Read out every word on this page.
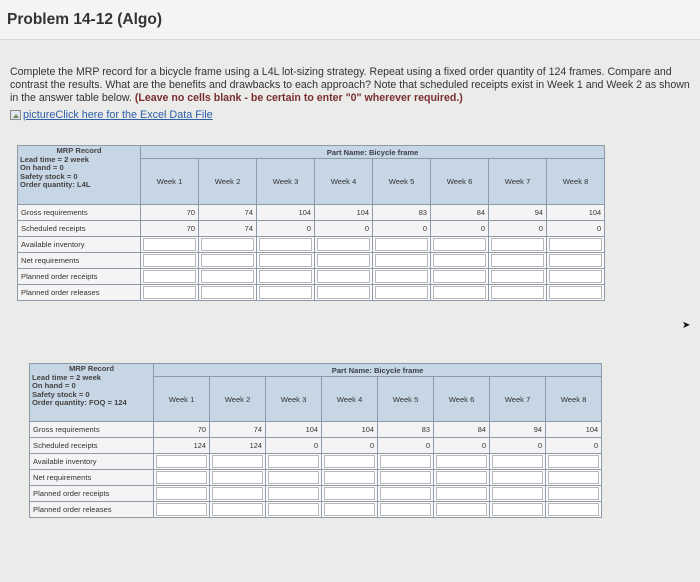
Problem 14-12 (Algo)
Complete the MRP record for a bicycle frame using a L4L lot-sizing strategy. Repeat using a fixed order quantity of 124 frames. Compare and contrast the results. What are the benefits and drawbacks to each approach? Note that scheduled receipts exist in Week 1 and Week 2 as shown in the answer table below. (Leave no cells blank - be certain to enter "0" wherever required.)
pictureClick here for the Excel Data File
MRP Record
Lead time = 2 week
On hand = 0
Safety stock = 0
Order quantity: L4L	Part Name: Bicycle frame							
	Week 1	Week 2	Week 3	Week 4	Week 5	Week 6	Week 7	Week 8
Gross requirements	70	74	104	104	83	84	94	104
Scheduled receipts	70	74	0	0	0	0	0	0
Available inventory								
Net requirements								
Planned order receipts								
Planned order releases								
MRP Record
Lead time = 2 week
On hand = 0
Safety stock = 0
Order quantity: FOQ = 124	Part Name: Bicycle frame							
	Week 1	Week 2	Week 3	Week 4	Week 5	Week 6	Week 7	Week 8
Gross requirements	70	74	104	104	83	84	94	104
Scheduled receipts	124	124	0	0	0	0	0	0
Available inventory								
Net requirements								
Planned order receipts								
Planned order releases								
➤
